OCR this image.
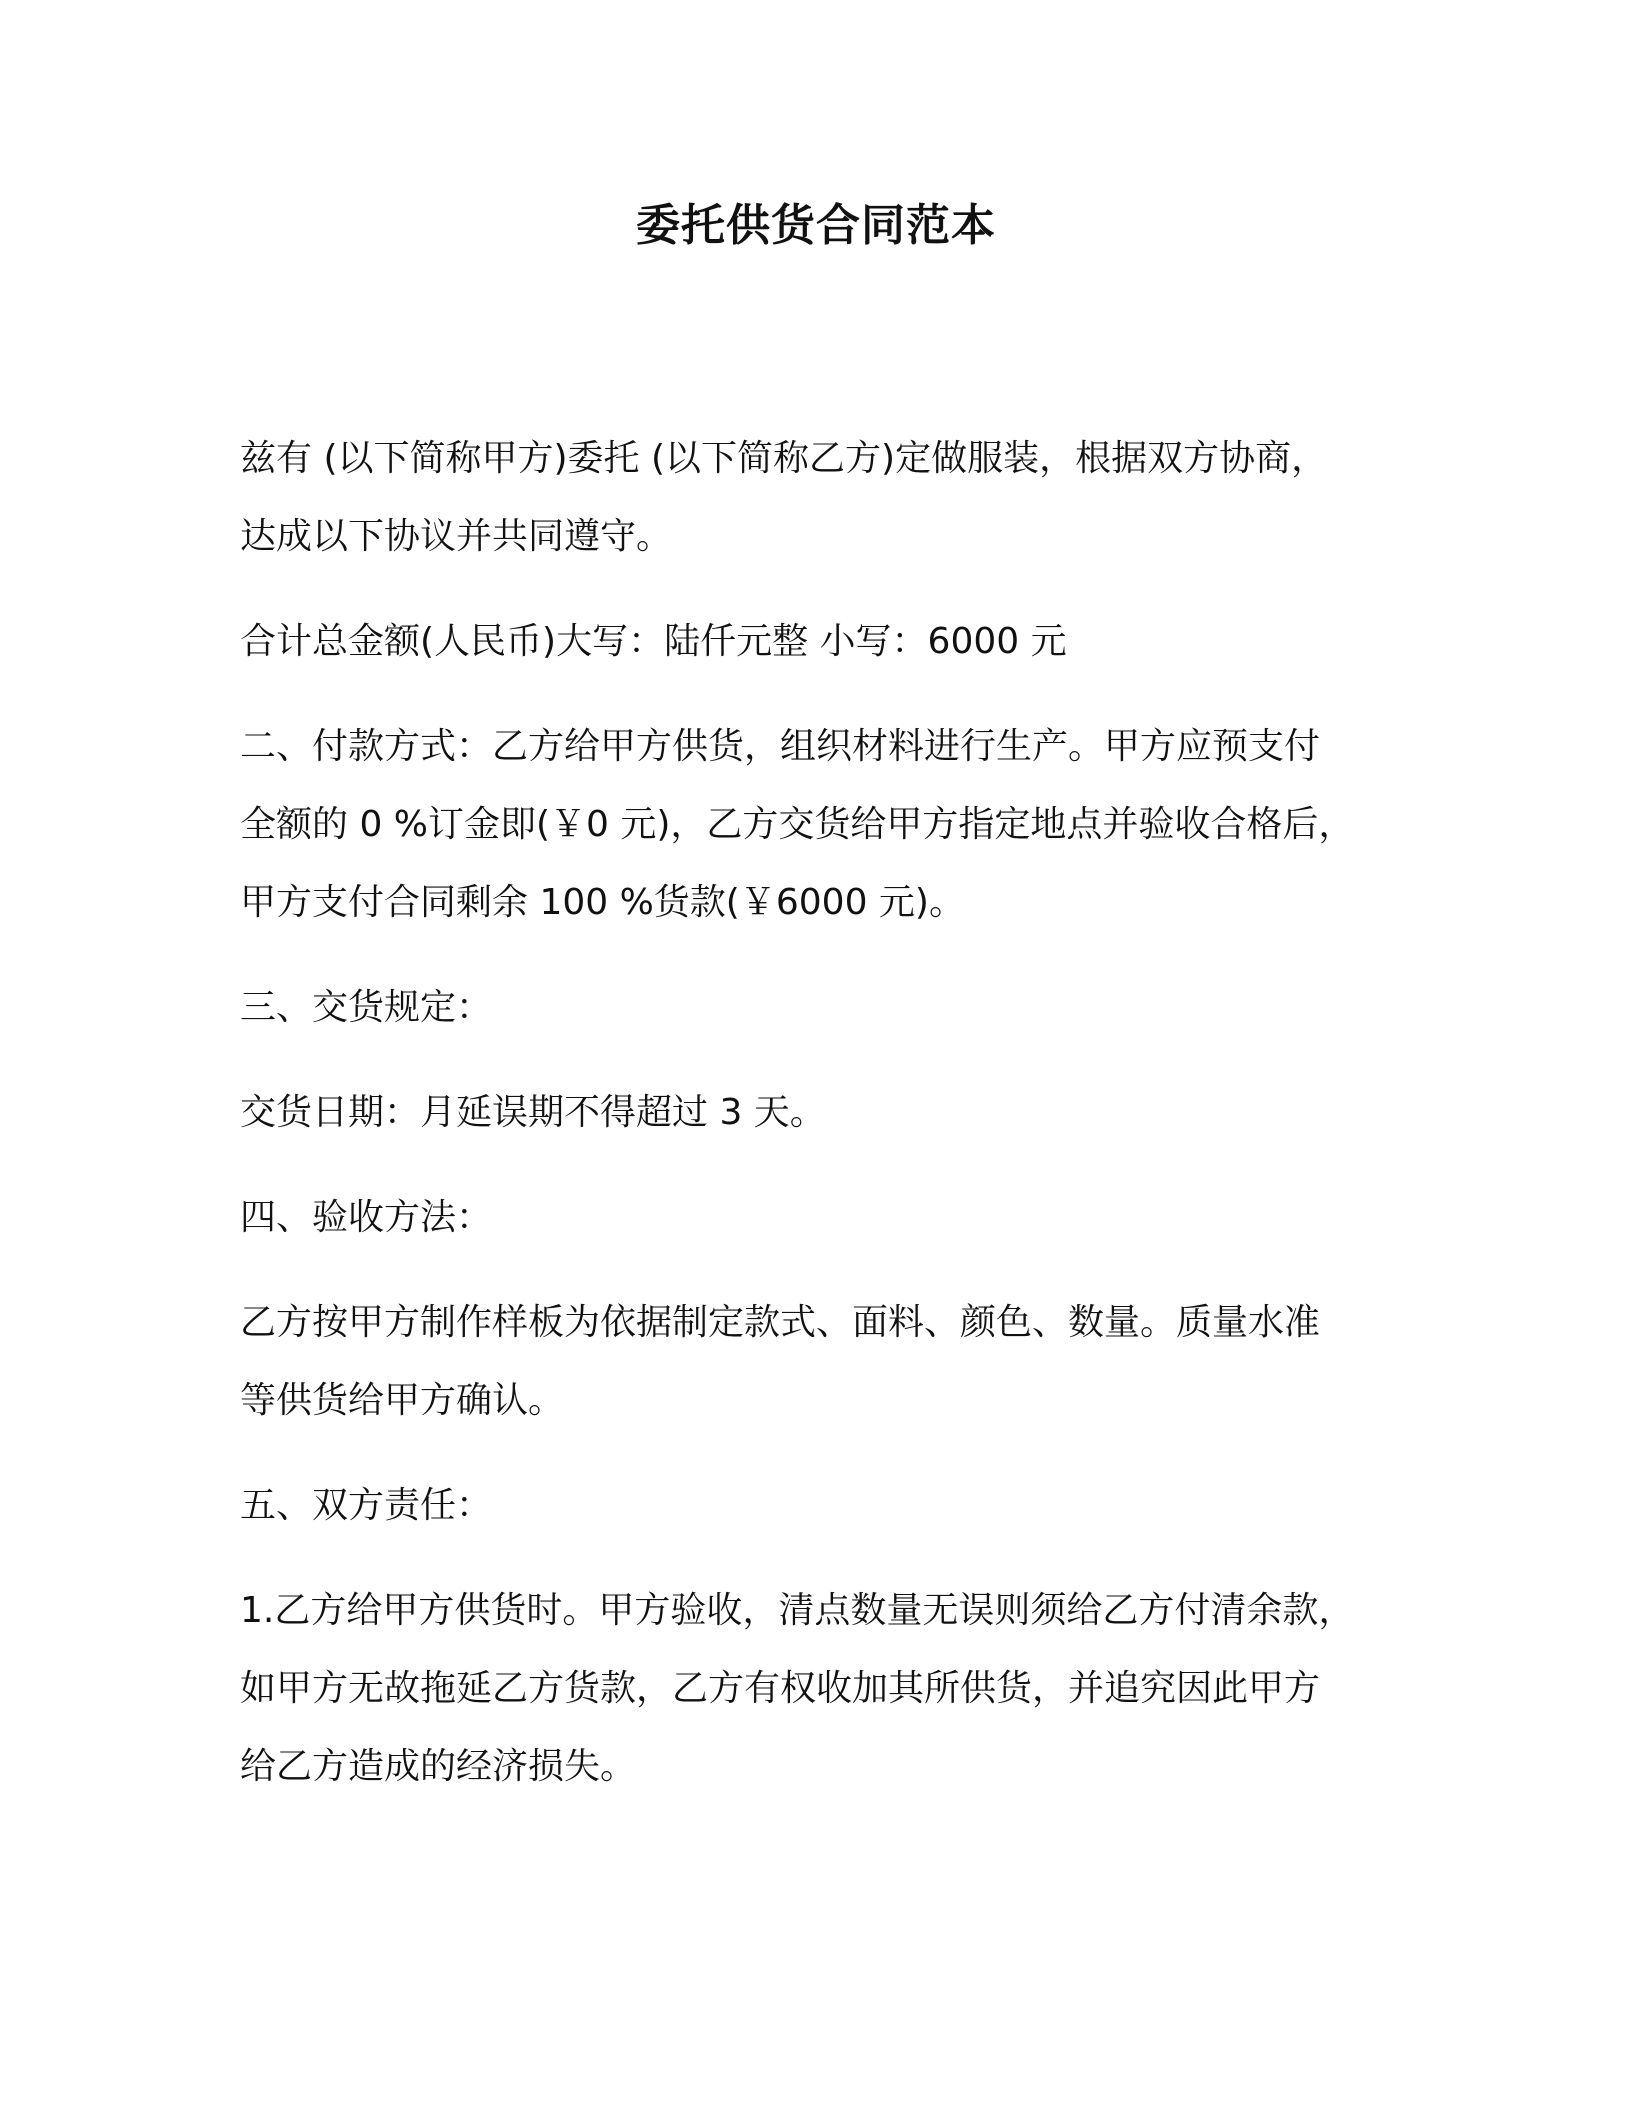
委托供货合同范本

兹有 (以下简称甲方)委托 (以下简称乙方)定做服装，根据双方协商，
达成以下协议并共同遵守。

合计总金额(人民币)大写：陆仟元整 小写：6000 元

二、付款方式：乙方给甲方供货，组织材料进行生产。甲方应预支付
全额的 0 %订金即(￥0 元)，乙方交货给甲方指定地点并验收合格后，
甲方支付合同剩余 100 %货款(￥6000 元)。

三、交货规定：

交货日期：月延误期不得超过 3 天。

四、验收方法：

乙方按甲方制作样板为依据制定款式、面料、颜色、数量。质量水准
等供货给甲方确认。

五、双方责任：

1.乙方给甲方供货时。甲方验收，清点数量无误则须给乙方付清余款，
如甲方无故拖延乙方货款，乙方有权收加其所供货，并追究因此甲方
给乙方造成的经济损失。
